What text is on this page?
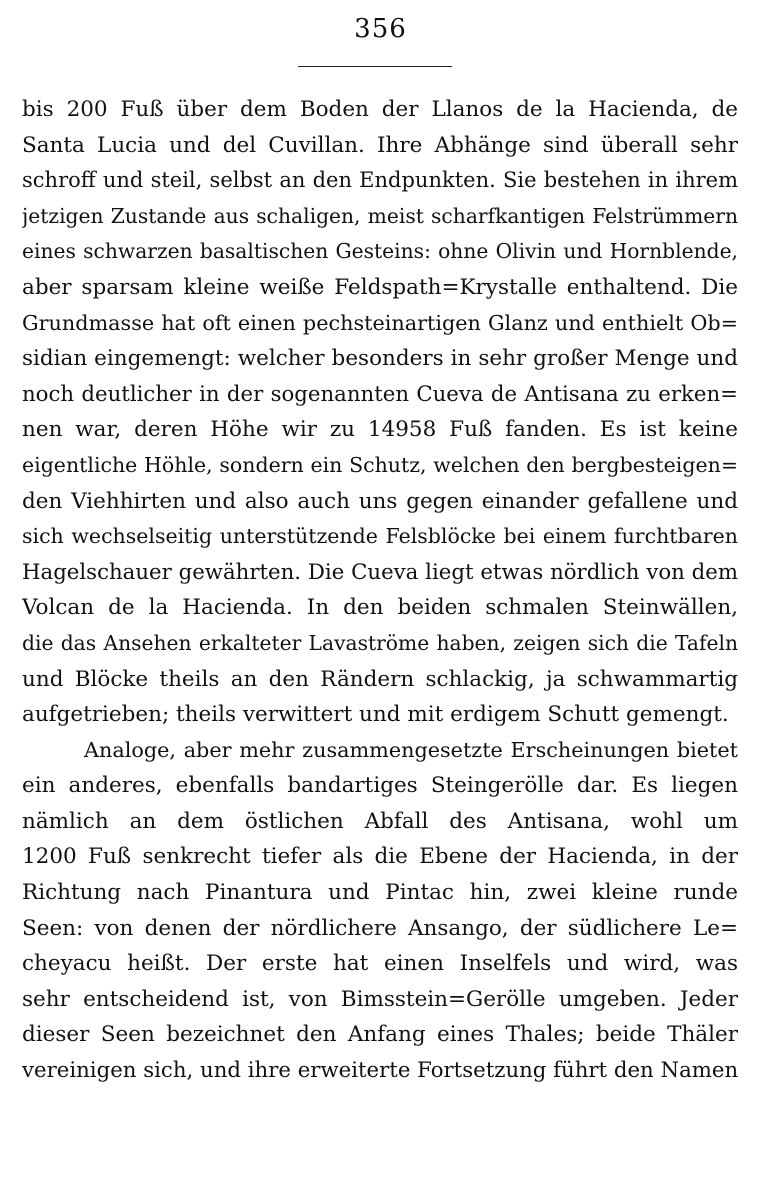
356
bis 200 Fuß über dem Boden der Llanos de la Hacienda, de
Santa Lucia und del Cuvillan. Ihre Abhänge sind überall sehr
schroff und steil, selbst an den Endpunkten. Sie bestehen in ihrem
jetzigen Zustande aus schaligen, meist scharfkantigen Felstrümmern
eines schwarzen basaltischen Gesteins: ohne Olivin und Hornblende,
aber sparsam kleine weiße Feldspath=Krystalle enthaltend. Die
Grundmasse hat oft einen pechsteinartigen Glanz und enthielt Ob=
sidian eingemengt: welcher besonders in sehr großer Menge und
noch deutlicher in der sogenannten Cueva de Antisana zu erken=
nen war, deren Höhe wir zu 14958 Fuß fanden. Es ist keine
eigentliche Höhle, sondern ein Schutz, welchen den bergbesteigen=
den Viehhirten und also auch uns gegen einander gefallene und
sich wechselseitig unterstützende Felsblöcke bei einem furchtbaren
Hagelschauer gewährten. Die Cueva liegt etwas nördlich von dem
Volcan de la Hacienda. In den beiden schmalen Steinwällen,
die das Ansehen erkalteter Lavaströme haben, zeigen sich die Tafeln
und Blöcke theils an den Rändern schlackig, ja schwammartig
aufgetrieben; theils verwittert und mit erdigem Schutt gemengt.
Analoge, aber mehr zusammengesetzte Erscheinungen bietet
ein anderes, ebenfalls bandartiges Steingerölle dar. Es liegen
nämlich an dem östlichen Abfall des Antisana, wohl um
1200 Fuß senkrecht tiefer als die Ebene der Hacienda, in der
Richtung nach Pinantura und Pintac hin, zwei kleine runde
Seen: von denen der nördlichere Ansango, der südlichere Le=
cheyacu heißt. Der erste hat einen Inselfels und wird, was
sehr entscheidend ist, von Bimsstein=Gerölle umgeben. Jeder
dieser Seen bezeichnet den Anfang eines Thales; beide Thäler
vereinigen sich, und ihre erweiterte Fortsetzung führt den Namen
